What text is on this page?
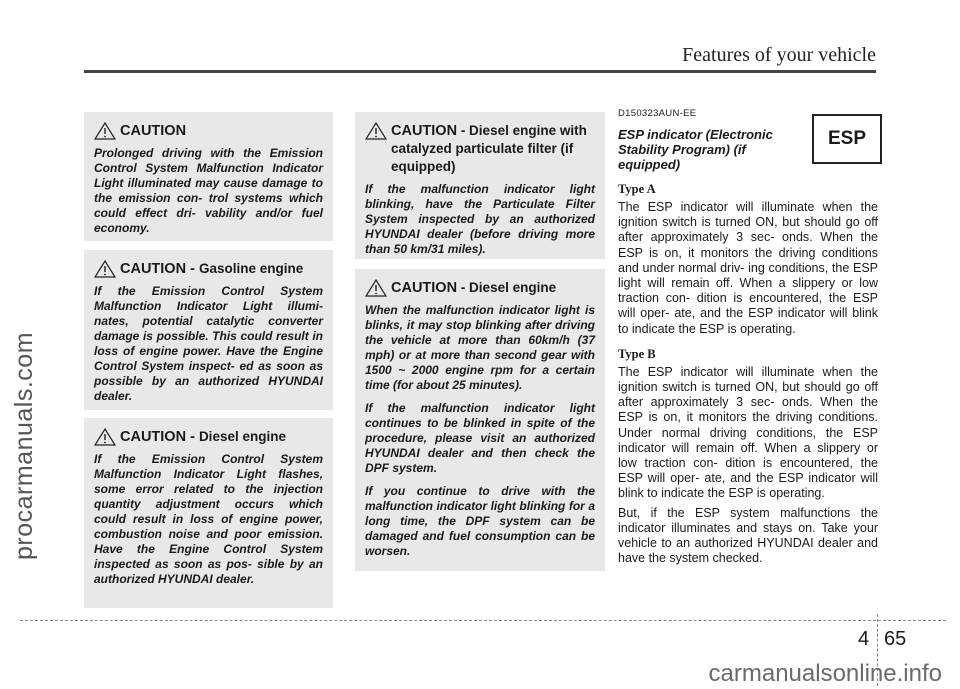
Features of your vehicle
procarmanuals.com
CAUTION

Prolonged driving with the Emission Control System Malfunction Indicator Light illuminated may cause damage to the emission con- trol systems which could effect dri- vability and/or fuel economy.

CAUTION - Gasoline engine

If the Emission Control System Malfunction Indicator Light illumi- nates, potential catalytic converter damage is possible. This could result in loss of engine power. Have the Engine Control System inspect- ed as soon as possible by an authorized HYUNDAI dealer.

CAUTION - Diesel engine

If the Emission Control System Malfunction Indicator Light flashes, some error related to the injection quantity adjustment occurs which could result in loss of engine power, combustion noise and poor emission. Have the Engine Control System inspected as soon as pos- sible by an authorized HYUNDAI dealer.

CAUTION - Diesel engine with catalyzed particulate filter (if equipped)

If the malfunction indicator light blinking, have the Particulate Filter System inspected by an authorized HYUNDAI dealer (before driving more than 50 km/31 miles).

CAUTION - Diesel engine

When the malfunction indicator light is blinks, it may stop blinking after driving the vehicle at more than 60km/h (37 mph) or at more than second gear with 1500 ~ 2000 engine rpm for a certain time (for about 25 minutes).

If the malfunction indicator light continues to be blinked in spite of the procedure, please visit an authorized HYUNDAI dealer and then check the DPF system.

If you continue to drive with the malfunction indicator light blinking for a long time, the DPF system can be damaged and fuel consumption can be worsen.

D150323AUN-EE
ESP indicator (Electronic Stability Program) (if equipped)
Type A

The ESP indicator will illuminate when the ignition switch is turned ON, but should go off after approximately 3 sec- onds. When the ESP is on, it monitors the driving conditions and under normal driv- ing conditions, the ESP light will remain off. When a slippery or low traction con- dition is encountered, the ESP will oper- ate, and the ESP indicator will blink to indicate the ESP is operating.

Type B

The ESP indicator will illuminate when the ignition switch is turned ON, but should go off after approximately 3 sec- onds. When the ESP is on, it monitors the driving conditions. Under normal driving conditions, the ESP indicator will remain off. When a slippery or low traction con- dition is encountered, the ESP will oper- ate, and the ESP indicator will blink to indicate the ESP is operating.

But, if the ESP system malfunctions the indicator illuminates and stays on. Take your vehicle to an authorized HYUNDAI dealer and have the system checked.

ESP
4 65
carmanualsonline.info
